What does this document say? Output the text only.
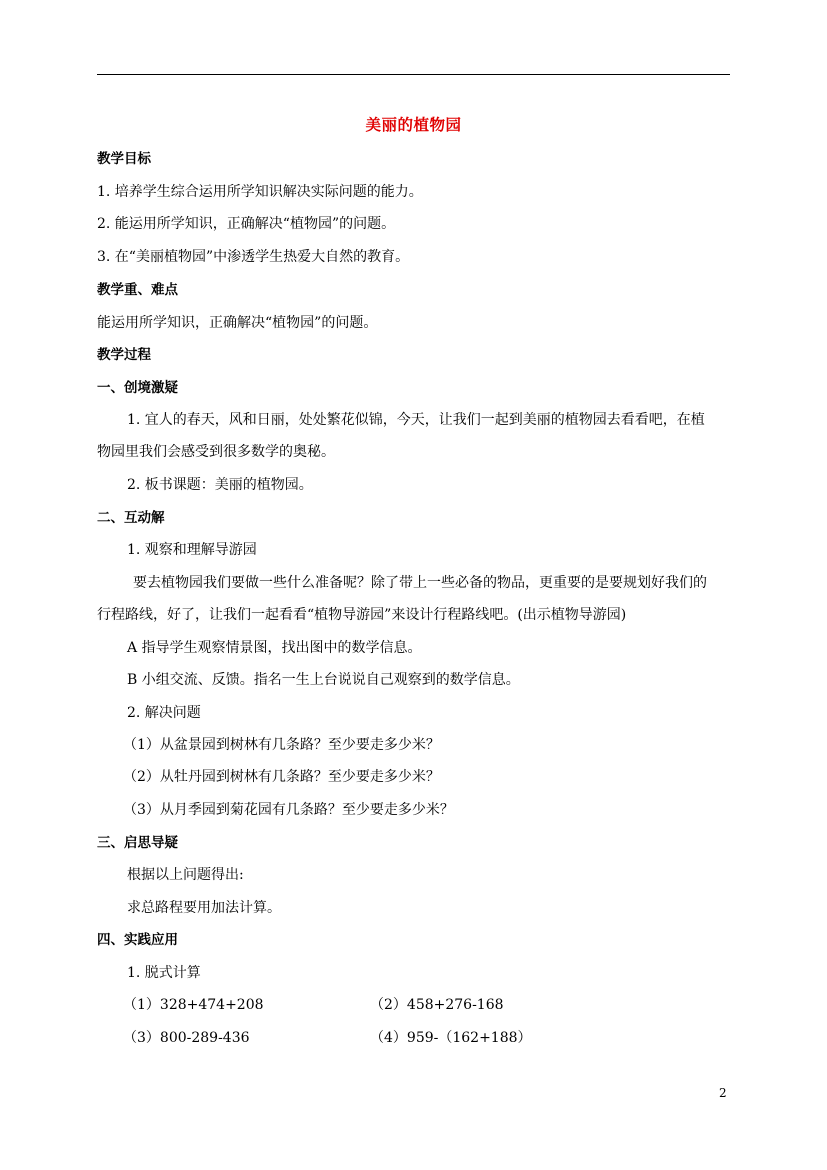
美丽的植物园
教学目标
1. 培养学生综合运用所学知识解决实际问题的能力。
2. 能运用所学知识，正确解决“植物园”的问题。
3. 在“美丽植物园”中渗透学生热爱大自然的教育。
教学重、难点
能运用所学知识，正确解决“植物园”的问题。
教学过程
一、创境激疑
1. 宜人的春天，风和日丽，处处繁花似锦，今天，让我们一起到美丽的植物园去看看吧，在植
物园里我们会感受到很多数学的奥秘。
2. 板书课题：美丽的植物园。
二、互动解
1. 观察和理解导游园
要去植物园我们要做一些什么准备呢？除了带上一些必备的物品，更重要的是要规划好我们的
行程路线，好了，让我们一起看看“植物导游园”来设计行程路线吧。(出示植物导游园)
A 指导学生观察情景图，找出图中的数学信息。
B 小组交流、反馈。指名一生上台说说自己观察到的数学信息。
2. 解决问题
（1）从盆景园到树林有几条路？至少要走多少米？
（2）从牡丹园到树林有几条路？至少要走多少米？
（3）从月季园到菊花园有几条路？至少要走多少米？
三、启思导疑
根据以上问题得出:
求总路程要用加法计算。
四、实践应用
1. 脱式计算
（1）328+474+208	（2）458+276-168
（3）800-289-436	（4）959-（162+188）
2
